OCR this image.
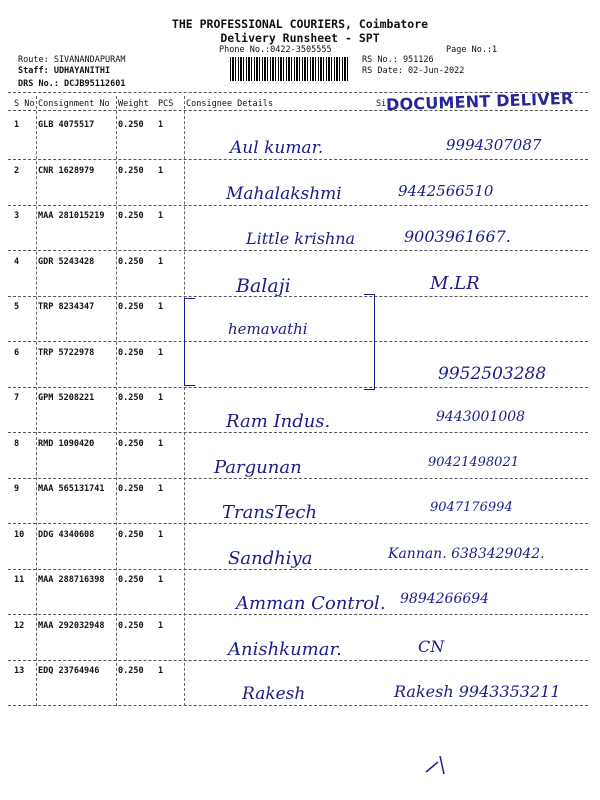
THE PROFESSIONAL COURIERS, Coimbatore
Delivery Runsheet - SPT
Phone No.:0422-3505555	Page No.:1
Route: SIVANANDAPURAM
Staff: UDHAYANITHI
DRS No.: DCJB95112601
RS No.: 951126
RS Date: 02-Jun-2022
S No Consignment No Weight PCS Consignee Details	Si DOCUMENT DELIVER
1 GLB 4075517	0.250 1
Aul kumar.	9994307087
2 CNR 1628979	0.250 1
Mahalakshmi	9442566510
3 MAA 281015219 0.250 1
Little krishna	9003961667.
4 GDR 5243428	0.250 1
Balaji	M.LR
5 TRP 8234347	0.250 1
hemavathi
6 TRP 5722978	0.250 1
9952503288
7 GPM 5208221	0.250 1
Ram Indus.	9443001008
8 RMD 1090420	0.250 1
Pargunan	90421498021
9 MAA 565131741 0.250 1
TransTech	9047176994
10 DDG 4340608	0.250 1
Sandhiya	Kannan. 6383429042.
11 MAA 288716398 0.250 1
Amman Control. 9894266694
12 MAA 292032948 0.250 1
Anishkumar.	CN
13 EDQ 23764946 0.250 1
Rakesh	Rakesh 9943353211
